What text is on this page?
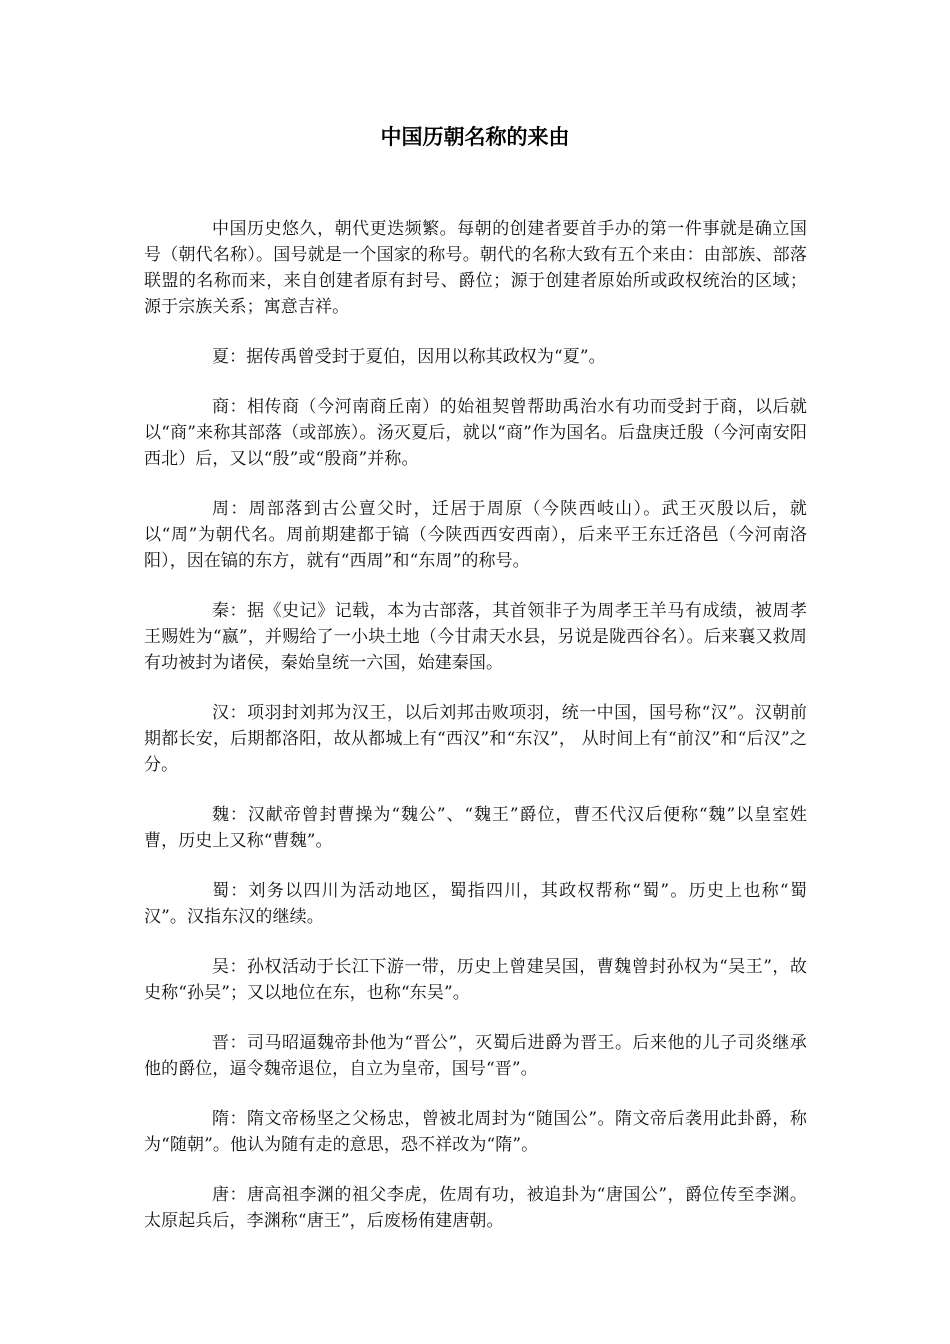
中国历朝名称的来由

中国历史悠久，朝代更迭频繁。每朝的创建者要首手办的第一件事就是确立国号（朝代名称）。国号就是一个国家的称号。朝代的名称大致有五个来由：由部族、部落联盟的名称而来，来自创建者原有封号、爵位；源于创建者原始所或政权统治的区域；源于宗族关系；寓意吉祥。

夏：据传禹曾受封于夏伯，因用以称其政权为“夏”。

商：相传商（今河南商丘南）的始祖契曾帮助禹治水有功而受封于商，以后就以“商”来称其部落（或部族）。汤灭夏后，就以“商”作为国名。后盘庚迁殷（今河南安阳西北）后，又以“殷”或“殷商”并称。

周：周部落到古公亶父时，迁居于周原（今陕西岐山）。武王灭殷以后，就以“周”为朝代名。周前期建都于镐（今陕西西安西南），后来平王东迁洛邑（今河南洛阳），因在镐的东方，就有“西周”和“东周”的称号。

秦：据《史记》记载，本为古部落，其首领非子为周孝王羊马有成绩，被周孝王赐姓为“嬴”，并赐给了一小块土地（今甘肃天水县，另说是陇西谷名）。后来襄又救周有功被封为诸侯，秦始皇统一六国，始建秦国。

汉：项羽封刘邦为汉王，以后刘邦击败项羽，统一中国，国号称“汉”。汉朝前期都长安，后期都洛阳，故从都城上有“西汉”和“东汉”， 从时间上有“前汉”和“后汉”之分。

魏：汉献帝曾封曹操为“魏公”、“魏王”爵位，曹丕代汉后便称“魏”以皇室姓曹，历史上又称“曹魏”。

蜀：刘务以四川为活动地区，蜀指四川，其政权帮称“蜀”。历史上也称“蜀汉”。汉指东汉的继续。

吴：孙权活动于长江下游一带，历史上曾建吴国，曹魏曾封孙权为“吴王”，故史称“孙吴”；又以地位在东，也称“东吴”。

晋：司马昭逼魏帝卦他为“晋公”，灭蜀后进爵为晋王。后来他的儿子司炎继承他的爵位，逼令魏帝退位，自立为皇帝，国号“晋”。

隋：隋文帝杨坚之父杨忠，曾被北周封为“随国公”。隋文帝后袭用此卦爵，称为“随朝”。他认为随有走的意思，恐不祥改为“隋”。

唐：唐高祖李渊的祖父李虎，佐周有功，被追卦为“唐国公”，爵位传至李渊。太原起兵后，李渊称“唐王”，后废杨侑建唐朝。
